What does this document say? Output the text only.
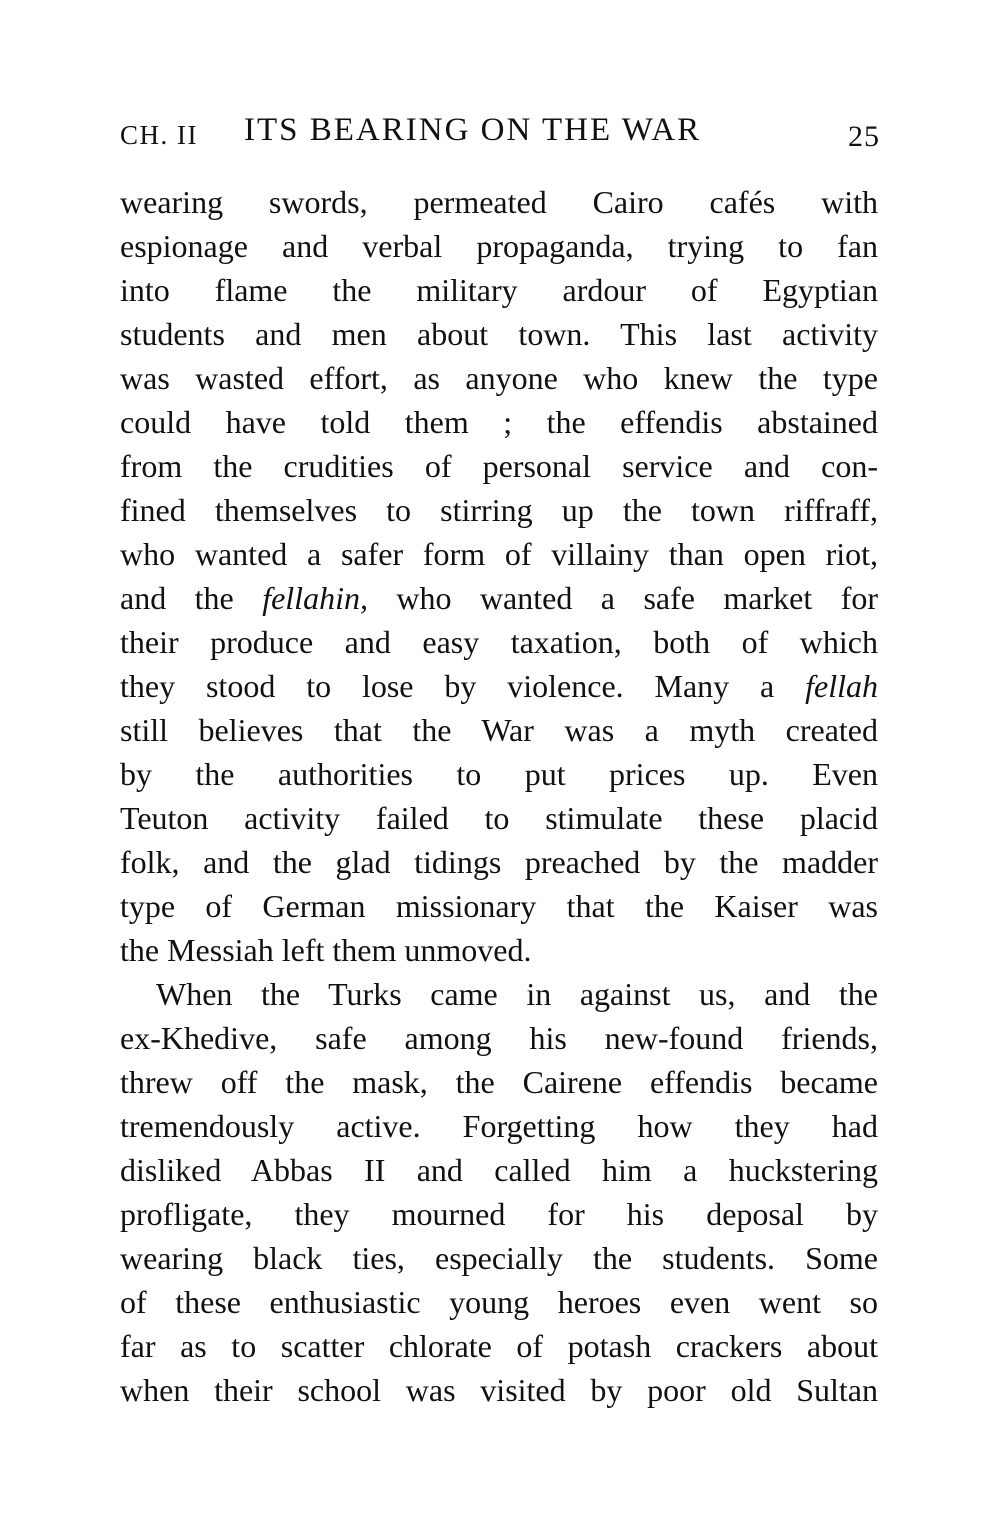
CH. II ITS BEARING ON THE WAR	25
wearing swords, permeated Cairo cafés with
espionage and verbal propaganda, trying to fan
into flame the military ardour of Egyptian
students and men about town. This last activity
was wasted effort, as anyone who knew the type
could have told them ; the effendis abstained
from the crudities of personal service and con-
fined themselves to stirring up the town riffraff,
who wanted a safer form of villainy than open riot,
and the fellahin, who wanted a safe market for
their produce and easy taxation, both of which
they stood to lose by violence. Many a fellah
still believes that the War was a myth created
by the authorities to put prices up. Even
Teuton activity failed to stimulate these placid
folk, and the glad tidings preached by the madder
type of German missionary that the Kaiser was
the Messiah left them unmoved.
When the Turks came in against us, and the
ex-Khedive, safe among his new-found friends,
threw off the mask, the Cairene effendis became
tremendously active. Forgetting how they had
disliked Abbas II and called him a huckstering
profligate, they mourned for his deposal by
wearing black ties, especially the students. Some
of these enthusiastic young heroes even went so
far as to scatter chlorate of potash crackers about
when their school was visited by poor old Sultan
